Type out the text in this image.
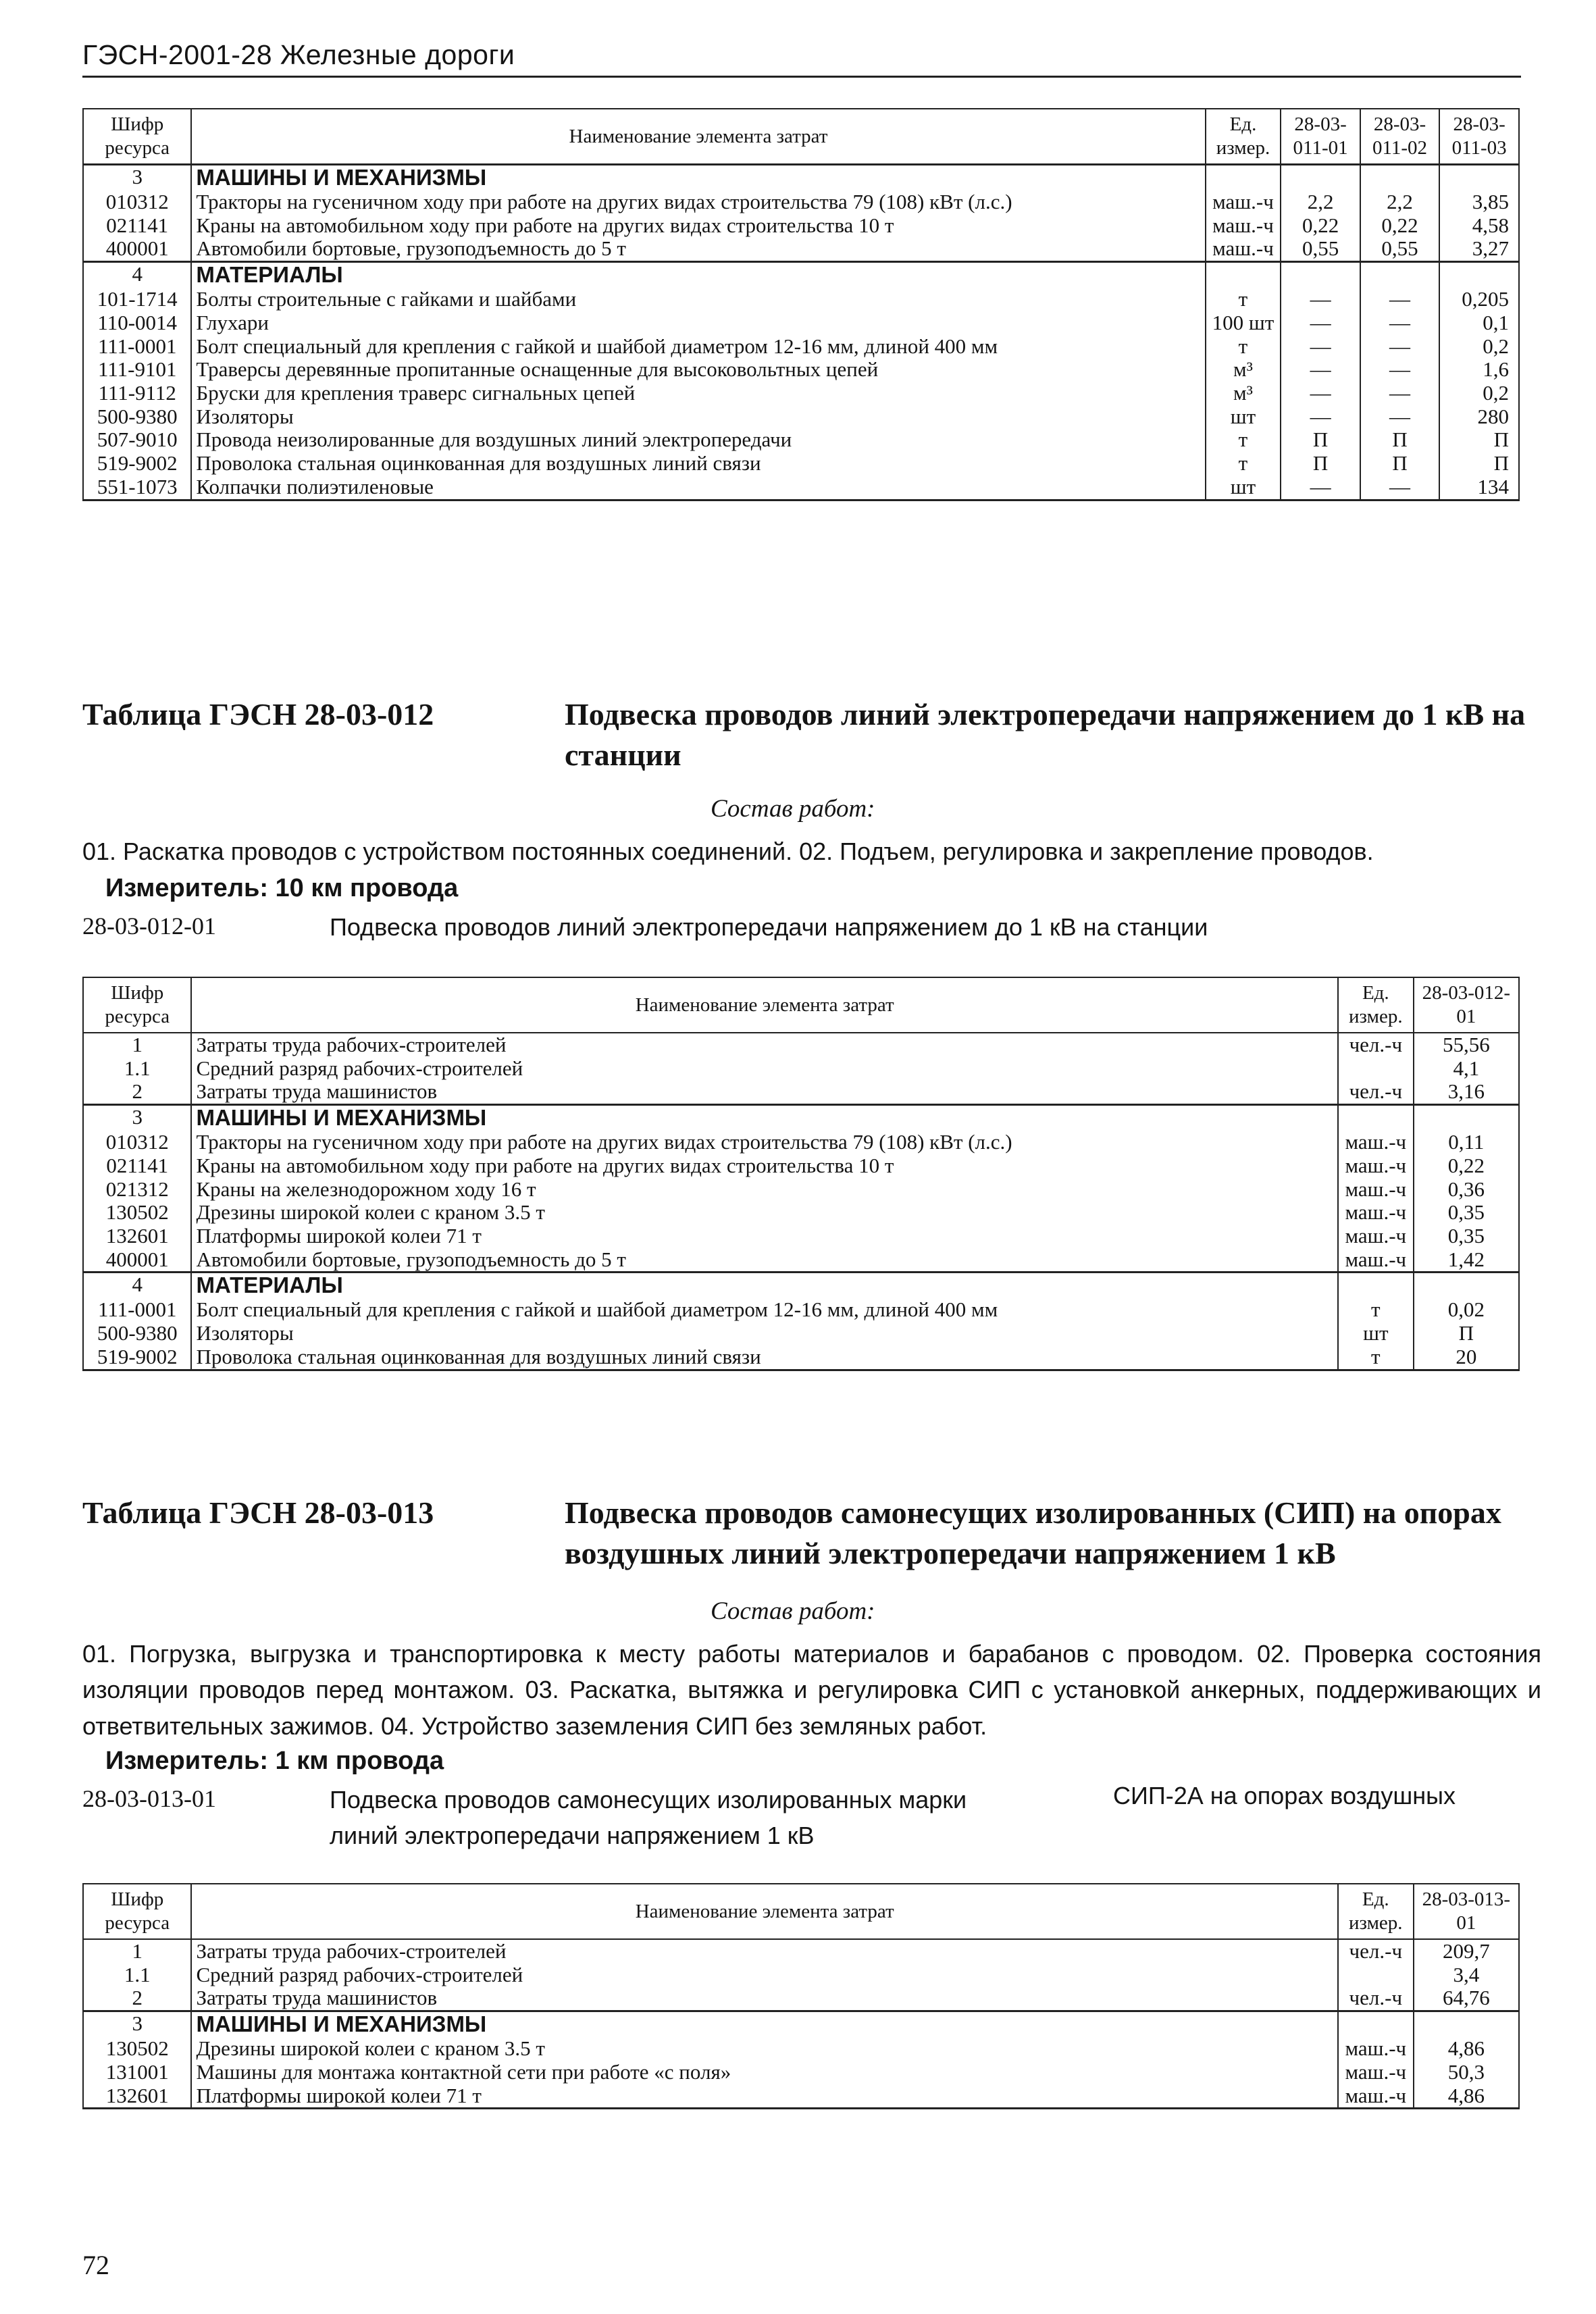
ГЭСН-2001-28 Железные дороги
Шифр ресурса	Наименование элемента затрат	Ед. измер.	28-03-011-01	28-03-011-02	28-03-011-03
3	МАШИНЫ И МЕХАНИЗМЫ				
010312	Тракторы на гусеничном ходу при работе на других видах строительства 79 (108) кВт (л.с.)	маш.-ч	2,2	2,2	3,85
021141	Краны на автомобильном ходу при работе на других видах строительства 10 т	маш.-ч	0,22	0,22	4,58
400001	Автомобили бортовые, грузоподъемность до 5 т	маш.-ч	0,55	0,55	3,27
4	МАТЕРИАЛЫ				
101-1714	Болты строительные с гайками и шайбами	т	—	—	0,205
110-0014	Глухари	100 шт	—	—	0,1
111-0001	Болт специальный для крепления с гайкой и шайбой диаметром 12-16 мм, длиной 400 мм	т	—	—	0,2
111-9101	Траверсы деревянные пропитанные оснащенные для высоковольтных цепей	м³	—	—	1,6
111-9112	Бруски для крепления траверс сигнальных цепей	м³	—	—	0,2
500-9380	Изоляторы	шт	—	—	280
507-9010	Провода неизолированные для воздушных линий электропередачи	т	П	П	П
519-9002	Проволока стальная оцинкованная для воздушных линий связи	т	П	П	П
551-1073	Колпачки полиэтиленовые	шт	—	—	134
Таблица ГЭСН 28-03-012	Подвеска проводов линий электропередачи напряжением до 1 кВ на станции
Состав работ:
01. Раскатка проводов с устройством постоянных соединений. 02. Подъем, регулировка и закрепление проводов.
Измеритель: 10 км провода
28-03-012-01	Подвеска проводов линий электропередачи напряжением до 1 кВ на станции
Шифр ресурса	Наименование элемента затрат	Ед. измер.	28-03-012-01
1	Затраты труда рабочих-строителей	чел.-ч	55,56
1.1	Средний разряд рабочих-строителей		4,1
2	Затраты труда машинистов	чел.-ч	3,16
3	МАШИНЫ И МЕХАНИЗМЫ		
010312	Тракторы на гусеничном ходу при работе на других видах строительства 79 (108) кВт (л.с.)	маш.-ч	0,11
021141	Краны на автомобильном ходу при работе на других видах строительства 10 т	маш.-ч	0,22
021312	Краны на железнодорожном ходу 16 т	маш.-ч	0,36
130502	Дрезины широкой колеи с краном 3.5 т	маш.-ч	0,35
132601	Платформы широкой колеи 71 т	маш.-ч	0,35
400001	Автомобили бортовые, грузоподъемность до 5 т	маш.-ч	1,42
4	МАТЕРИАЛЫ		
111-0001	Болт специальный для крепления с гайкой и шайбой диаметром 12-16 мм, длиной 400 мм	т	0,02
500-9380	Изоляторы	шт	П
519-9002	Проволока стальная оцинкованная для воздушных линий связи	т	20
Таблица ГЭСН 28-03-013	Подвеска проводов самонесущих изолированных (СИП) на опорах воздушных линий электропередачи напряжением 1 кВ
Состав работ:
01. Погрузка, выгрузка и транспортировка к месту работы материалов и барабанов с проводом. 02. Проверка состояния изоляции проводов перед монтажом. 03. Раскатка, вытяжка и регулировка СИП с установкой анкерных, поддерживающих и ответвительных зажимов. 04. Устройство заземления СИП без земляных работ.
Измеритель: 1 км провода
28-03-013-01	Подвеска проводов самонесущих изолированных марки линий электропередачи напряжением 1 кВ
СИП-2А на опорах воздушных
Шифр ресурса	Наименование элемента затрат	Ед. измер.	28-03-013-01
1	Затраты труда рабочих-строителей	чел.-ч	209,7
1.1	Средний разряд рабочих-строителей		3,4
2	Затраты труда машинистов	чел.-ч	64,76
3	МАШИНЫ И МЕХАНИЗМЫ		
130502	Дрезины широкой колеи с краном 3.5 т	маш.-ч	4,86
131001	Машины для монтажа контактной сети при работе «с поля»	маш.-ч	50,3
132601	Платформы широкой колеи 71 т	маш.-ч	4,86
72
